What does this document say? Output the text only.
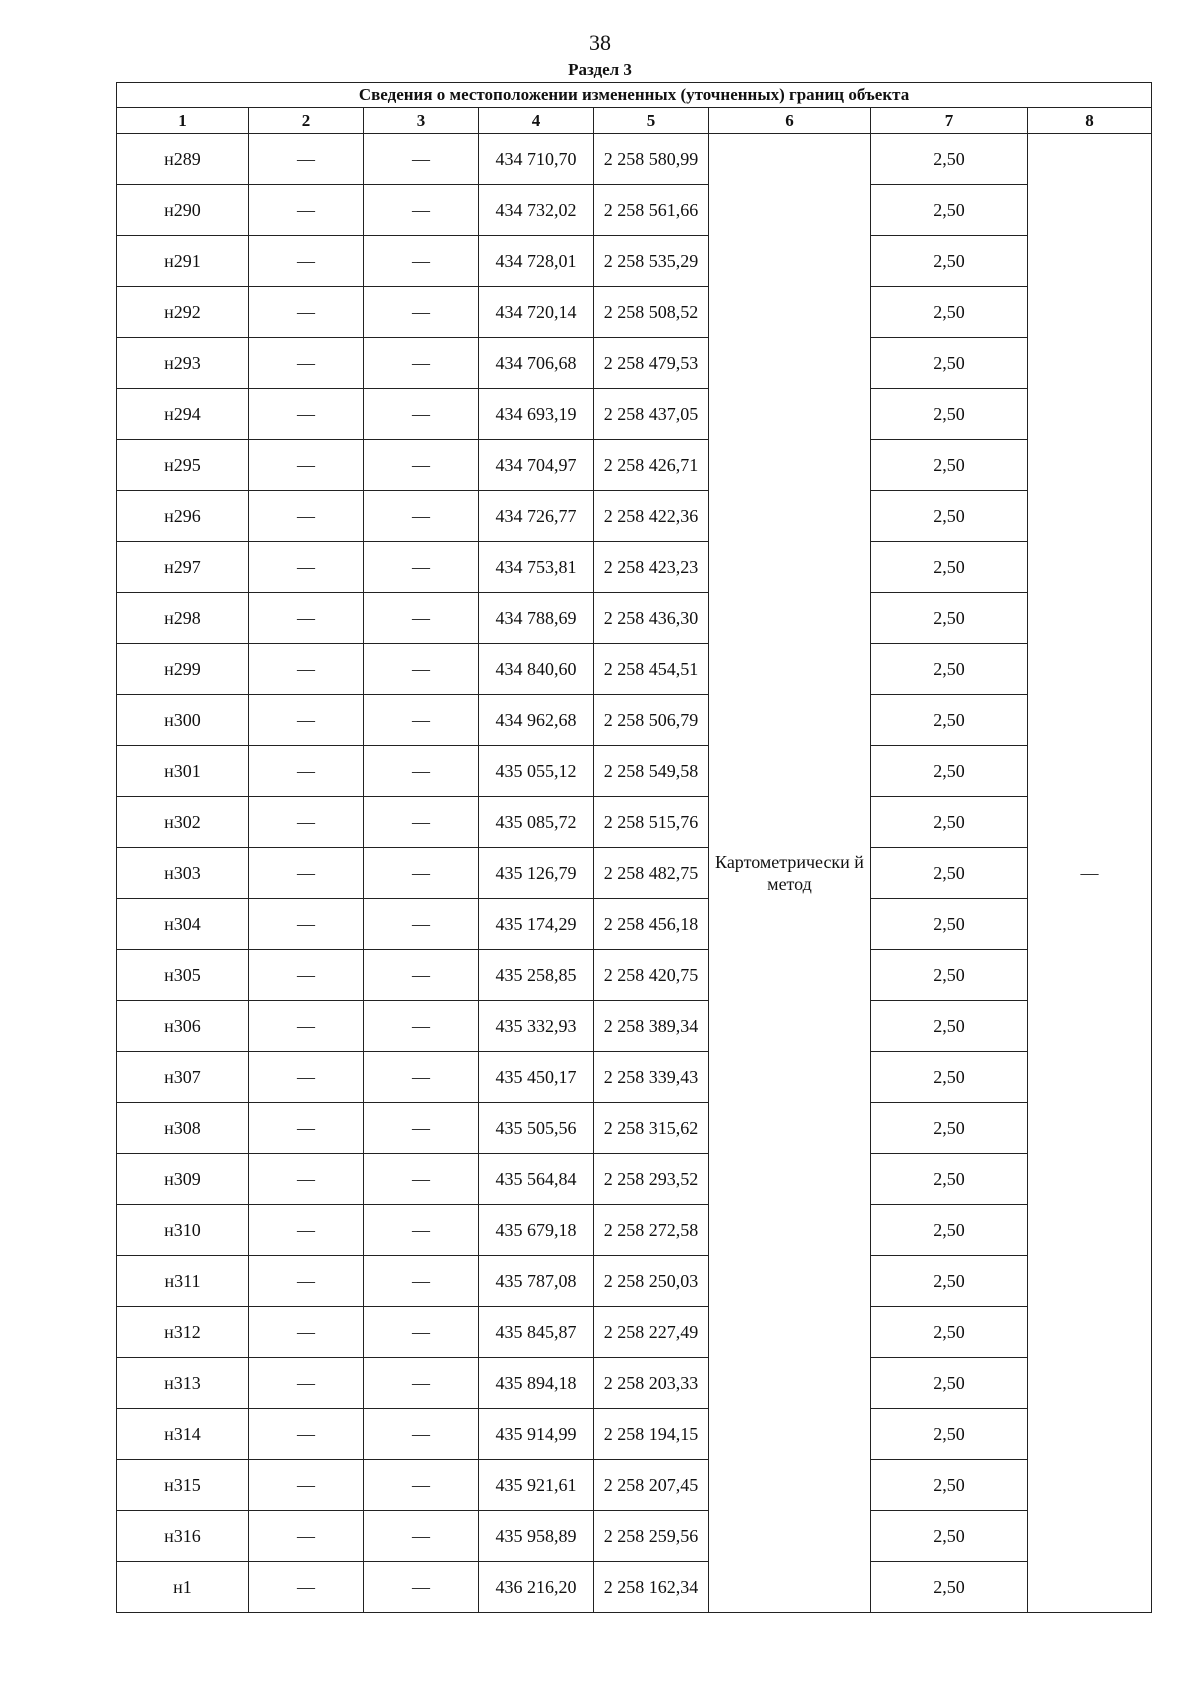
38
Раздел 3
Сведения о местоположении измененных (уточненных) границ объекта							
1	2	3	4	5	6	7	8
н289	—	—	434 710,70	2 258 580,99	Картометрически й метод	2,50	—
н290	—	—	434 732,02	2 258 561,66		2,50	
н291	—	—	434 728,01	2 258 535,29		2,50	
н292	—	—	434 720,14	2 258 508,52		2,50	
н293	—	—	434 706,68	2 258 479,53		2,50	
н294	—	—	434 693,19	2 258 437,05		2,50	
н295	—	—	434 704,97	2 258 426,71		2,50	
н296	—	—	434 726,77	2 258 422,36		2,50	
н297	—	—	434 753,81	2 258 423,23		2,50	
н298	—	—	434 788,69	2 258 436,30		2,50	
н299	—	—	434 840,60	2 258 454,51		2,50	
н300	—	—	434 962,68	2 258 506,79		2,50	
н301	—	—	435 055,12	2 258 549,58		2,50	
н302	—	—	435 085,72	2 258 515,76		2,50	
н303	—	—	435 126,79	2 258 482,75		2,50	
н304	—	—	435 174,29	2 258 456,18		2,50	
н305	—	—	435 258,85	2 258 420,75		2,50	
н306	—	—	435 332,93	2 258 389,34		2,50	
н307	—	—	435 450,17	2 258 339,43		2,50	
н308	—	—	435 505,56	2 258 315,62		2,50	
н309	—	—	435 564,84	2 258 293,52		2,50	
н310	—	—	435 679,18	2 258 272,58		2,50	
н311	—	—	435 787,08	2 258 250,03		2,50	
н312	—	—	435 845,87	2 258 227,49		2,50	
н313	—	—	435 894,18	2 258 203,33		2,50	
н314	—	—	435 914,99	2 258 194,15		2,50	
н315	—	—	435 921,61	2 258 207,45		2,50	
н316	—	—	435 958,89	2 258 259,56		2,50	
н1	—	—	436 216,20	2 258 162,34		2,50	
